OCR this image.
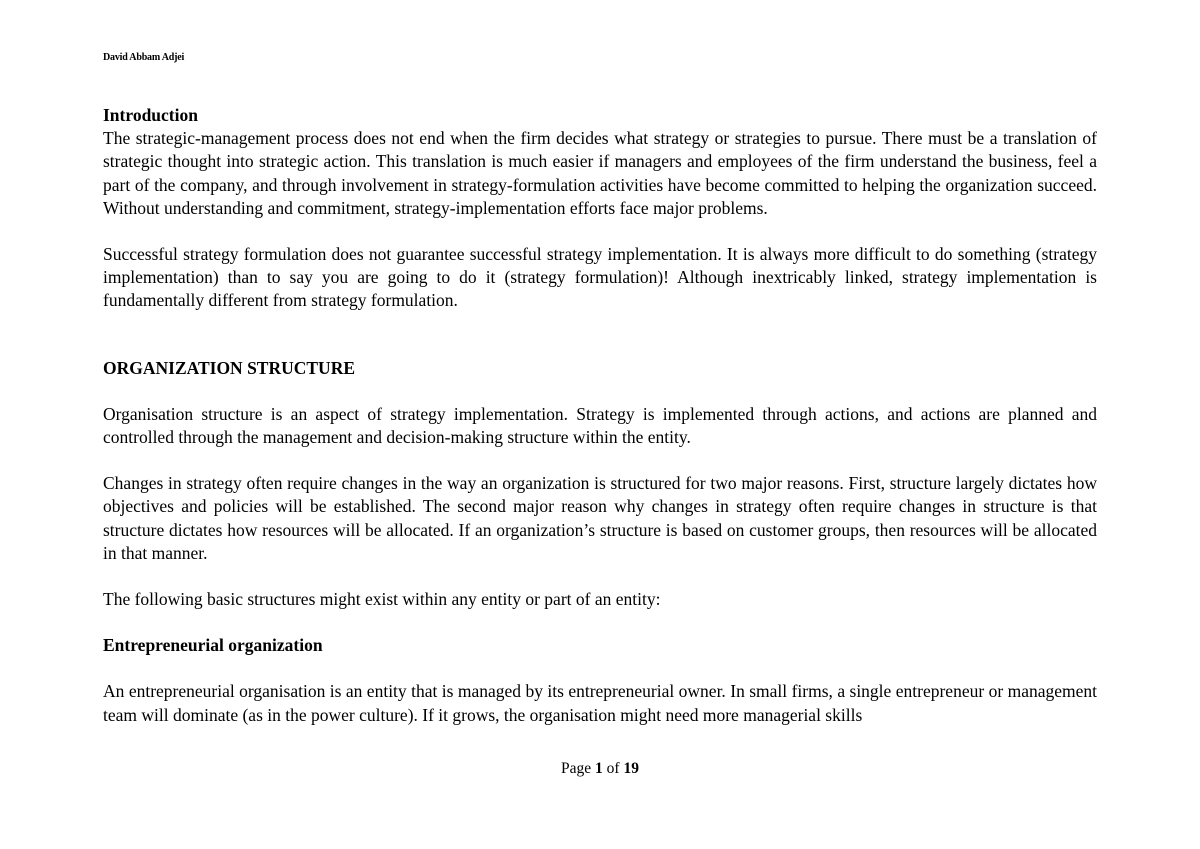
David Abbam Adjei
Introduction

The strategic-management process does not end when the firm decides what strategy or strategies to pursue. There must be a translation of strategic thought into strategic action. This translation is much easier if managers and employees of the firm understand the business, feel a part of the company, and through involvement in strategy-formulation activities have become committed to helping the organization succeed. Without understanding and commitment, strategy-implementation efforts face major problems.

Successful strategy formulation does not guarantee successful strategy implementation. It is always more difficult to do something (strategy implementation) than to say you are going to do it (strategy formulation)! Although inextricably linked, strategy implementation is fundamentally different from strategy formulation.

ORGANIZATION STRUCTURE

Organisation structure is an aspect of strategy implementation. Strategy is implemented through actions, and actions are planned and controlled through the management and decision-making structure within the entity.

Changes in strategy often require changes in the way an organization is structured for two major reasons. First, structure largely dictates how objectives and policies will be established. The second major reason why changes in strategy often require changes in structure is that structure dictates how resources will be allocated. If an organization’s structure is based on customer groups, then resources will be allocated in that manner.

The following basic structures might exist within any entity or part of an entity:

Entrepreneurial organization

An entrepreneurial organisation is an entity that is managed by its entrepreneurial owner. In small firms, a single entrepreneur or management team will dominate (as in the power culture). If it grows, the organisation might need more managerial skills

Page 1 of 19
